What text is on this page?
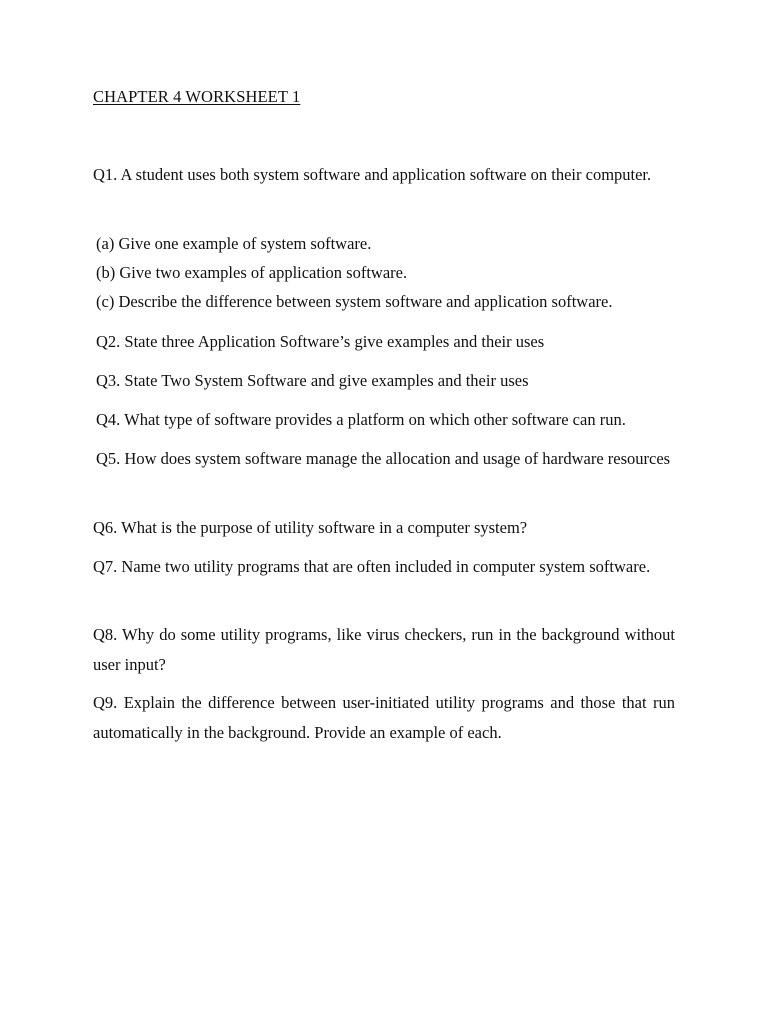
CHAPTER 4 WORKSHEET 1
Q1. A student uses both system software and application software on their computer.
(a) Give one example of system software.
(b) Give two examples of application software.
(c) Describe the difference between system software and application software.
Q2. State three Application Software’s give examples and their uses
Q3. State Two System Software and give examples and their uses
Q4. What type of software provides a platform on which other software can run.
Q5. How does system software manage the allocation and usage of hardware resources
Q6. What is the purpose of utility software in a computer system?
Q7. Name two utility programs that are often included in computer system software.
Q8. Why do some utility programs, like virus checkers, run in the background without user input?
Q9. Explain the difference between user-initiated utility programs and those that run automatically in the background. Provide an example of each.
